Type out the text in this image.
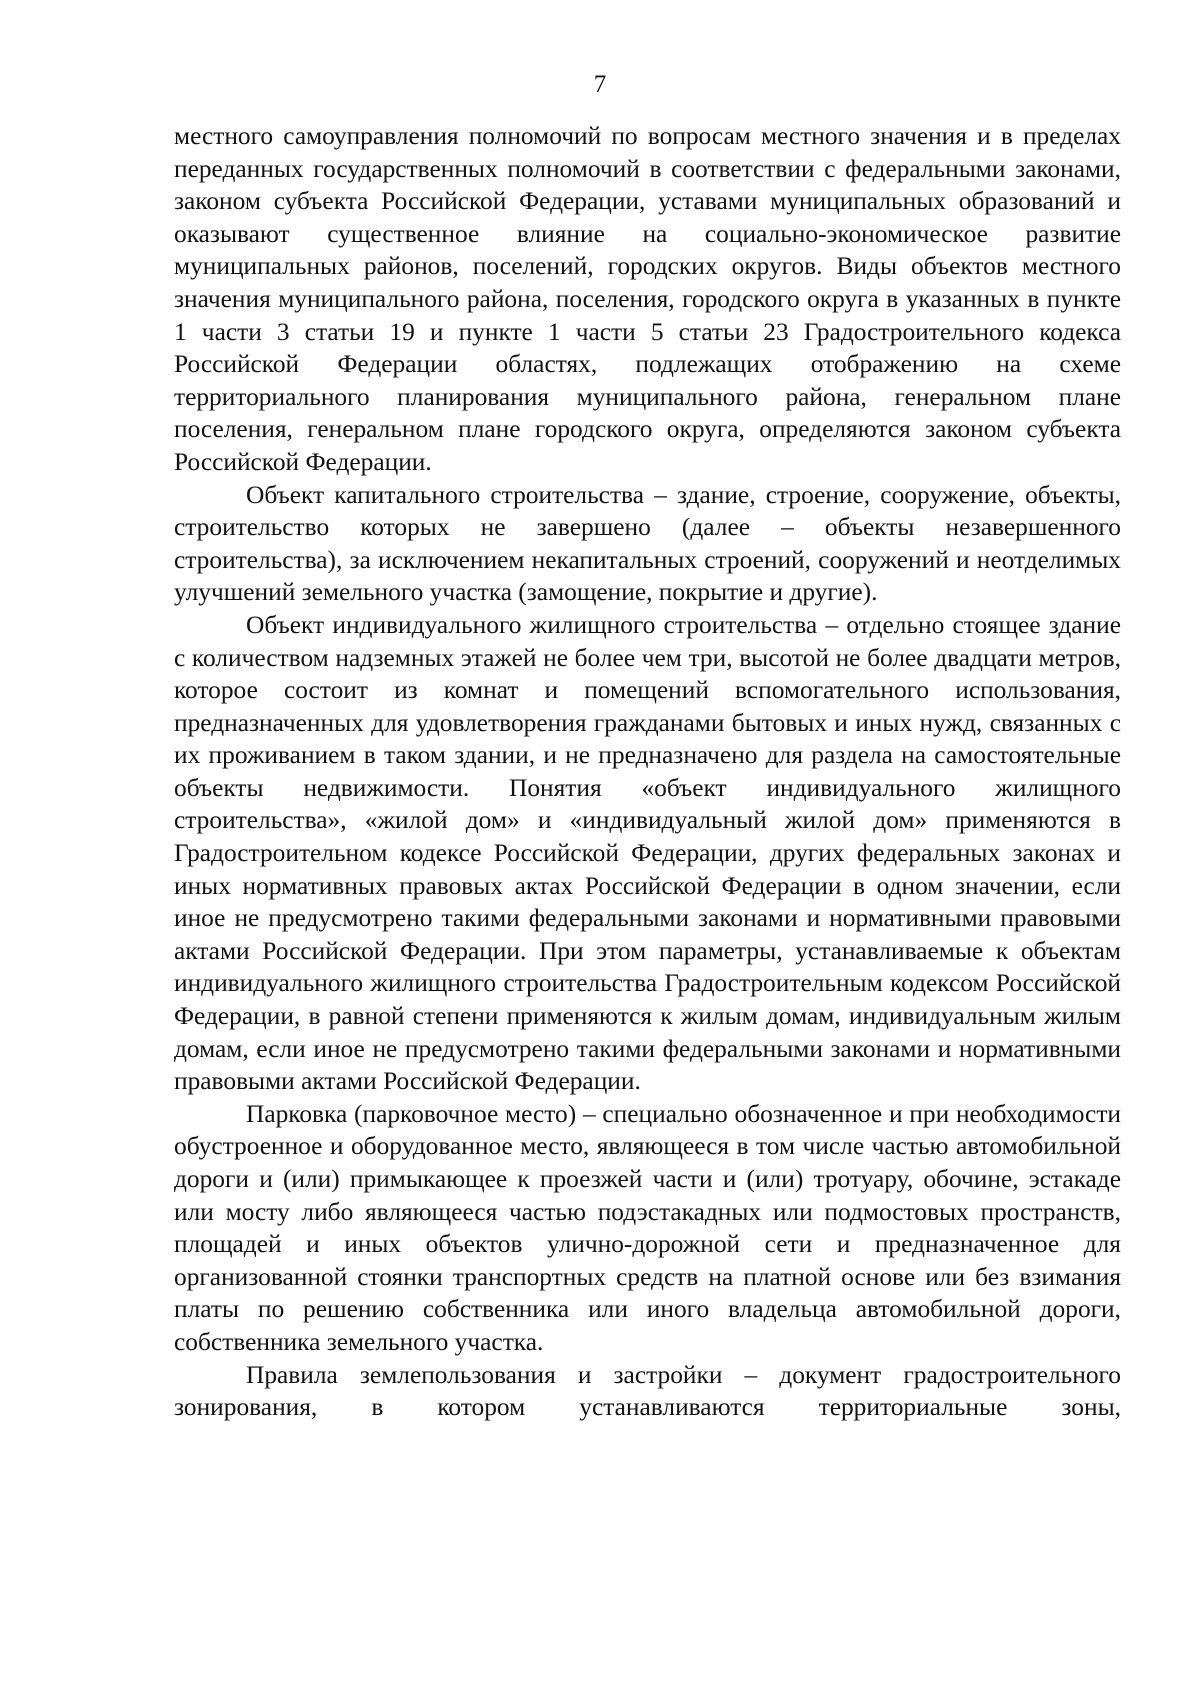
7

местного самоуправления полномочий по вопросам местного значения и в пределах переданных государственных полномочий в соответствии с федеральными законами, законом субъекта Российской Федерации, уставами муниципальных образований и оказывают существенное влияние на социально-экономическое развитие муниципальных районов, поселений, городских округов. Виды объектов местного значения муниципального района, поселения, городского округа в указанных в пункте 1 части 3 статьи 19 и пункте 1 части 5 статьи 23 Градостроительного кодекса Российской Федерации областях, подлежащих отображению на схеме территориального планирования муниципального района, генеральном плане поселения, генеральном плане городского округа, определяются законом субъекта Российской Федерации.

Объект капитального строительства – здание, строение, сооружение, объекты, строительство которых не завершено (далее – объекты незавершенного строительства), за исключением некапитальных строений, сооружений и неотделимых улучшений земельного участка (замощение, покрытие и другие).

Объект индивидуального жилищного строительства – отдельно стоящее здание с количеством надземных этажей не более чем три, высотой не более двадцати метров, которое состоит из комнат и помещений вспомогательного использования, предназначенных для удовлетворения гражданами бытовых и иных нужд, связанных с их проживанием в таком здании, и не предназначено для раздела на самостоятельные объекты недвижимости. Понятия «объект индивидуального жилищного строительства», «жилой дом» и «индивидуальный жилой дом» применяются в Градостроительном кодексе Российской Федерации, других федеральных законах и иных нормативных правовых актах Российской Федерации в одном значении, если иное не предусмотрено такими федеральными законами и нормативными правовыми актами Российской Федерации. При этом параметры, устанавливаемые к объектам индивидуального жилищного строительства Градостроительным кодексом Российской Федерации, в равной степени применяются к жилым домам, индивидуальным жилым домам, если иное не предусмотрено такими федеральными законами и нормативными правовыми актами Российской Федерации.

Парковка (парковочное место) – специально обозначенное и при необходимости обустроенное и оборудованное место, являющееся в том числе частью автомобильной дороги и (или) примыкающее к проезжей части и (или) тротуару, обочине, эстакаде или мосту либо являющееся частью подэстакадных или подмостовых пространств, площадей и иных объектов улично-дорожной сети и предназначенное для организованной стоянки транспортных средств на платной основе или без взимания платы по решению собственника или иного владельца автомобильной дороги, собственника земельного участка.

Правила землепользования и застройки – документ градостроительного зонирования, в котором устанавливаются территориальные зоны,
